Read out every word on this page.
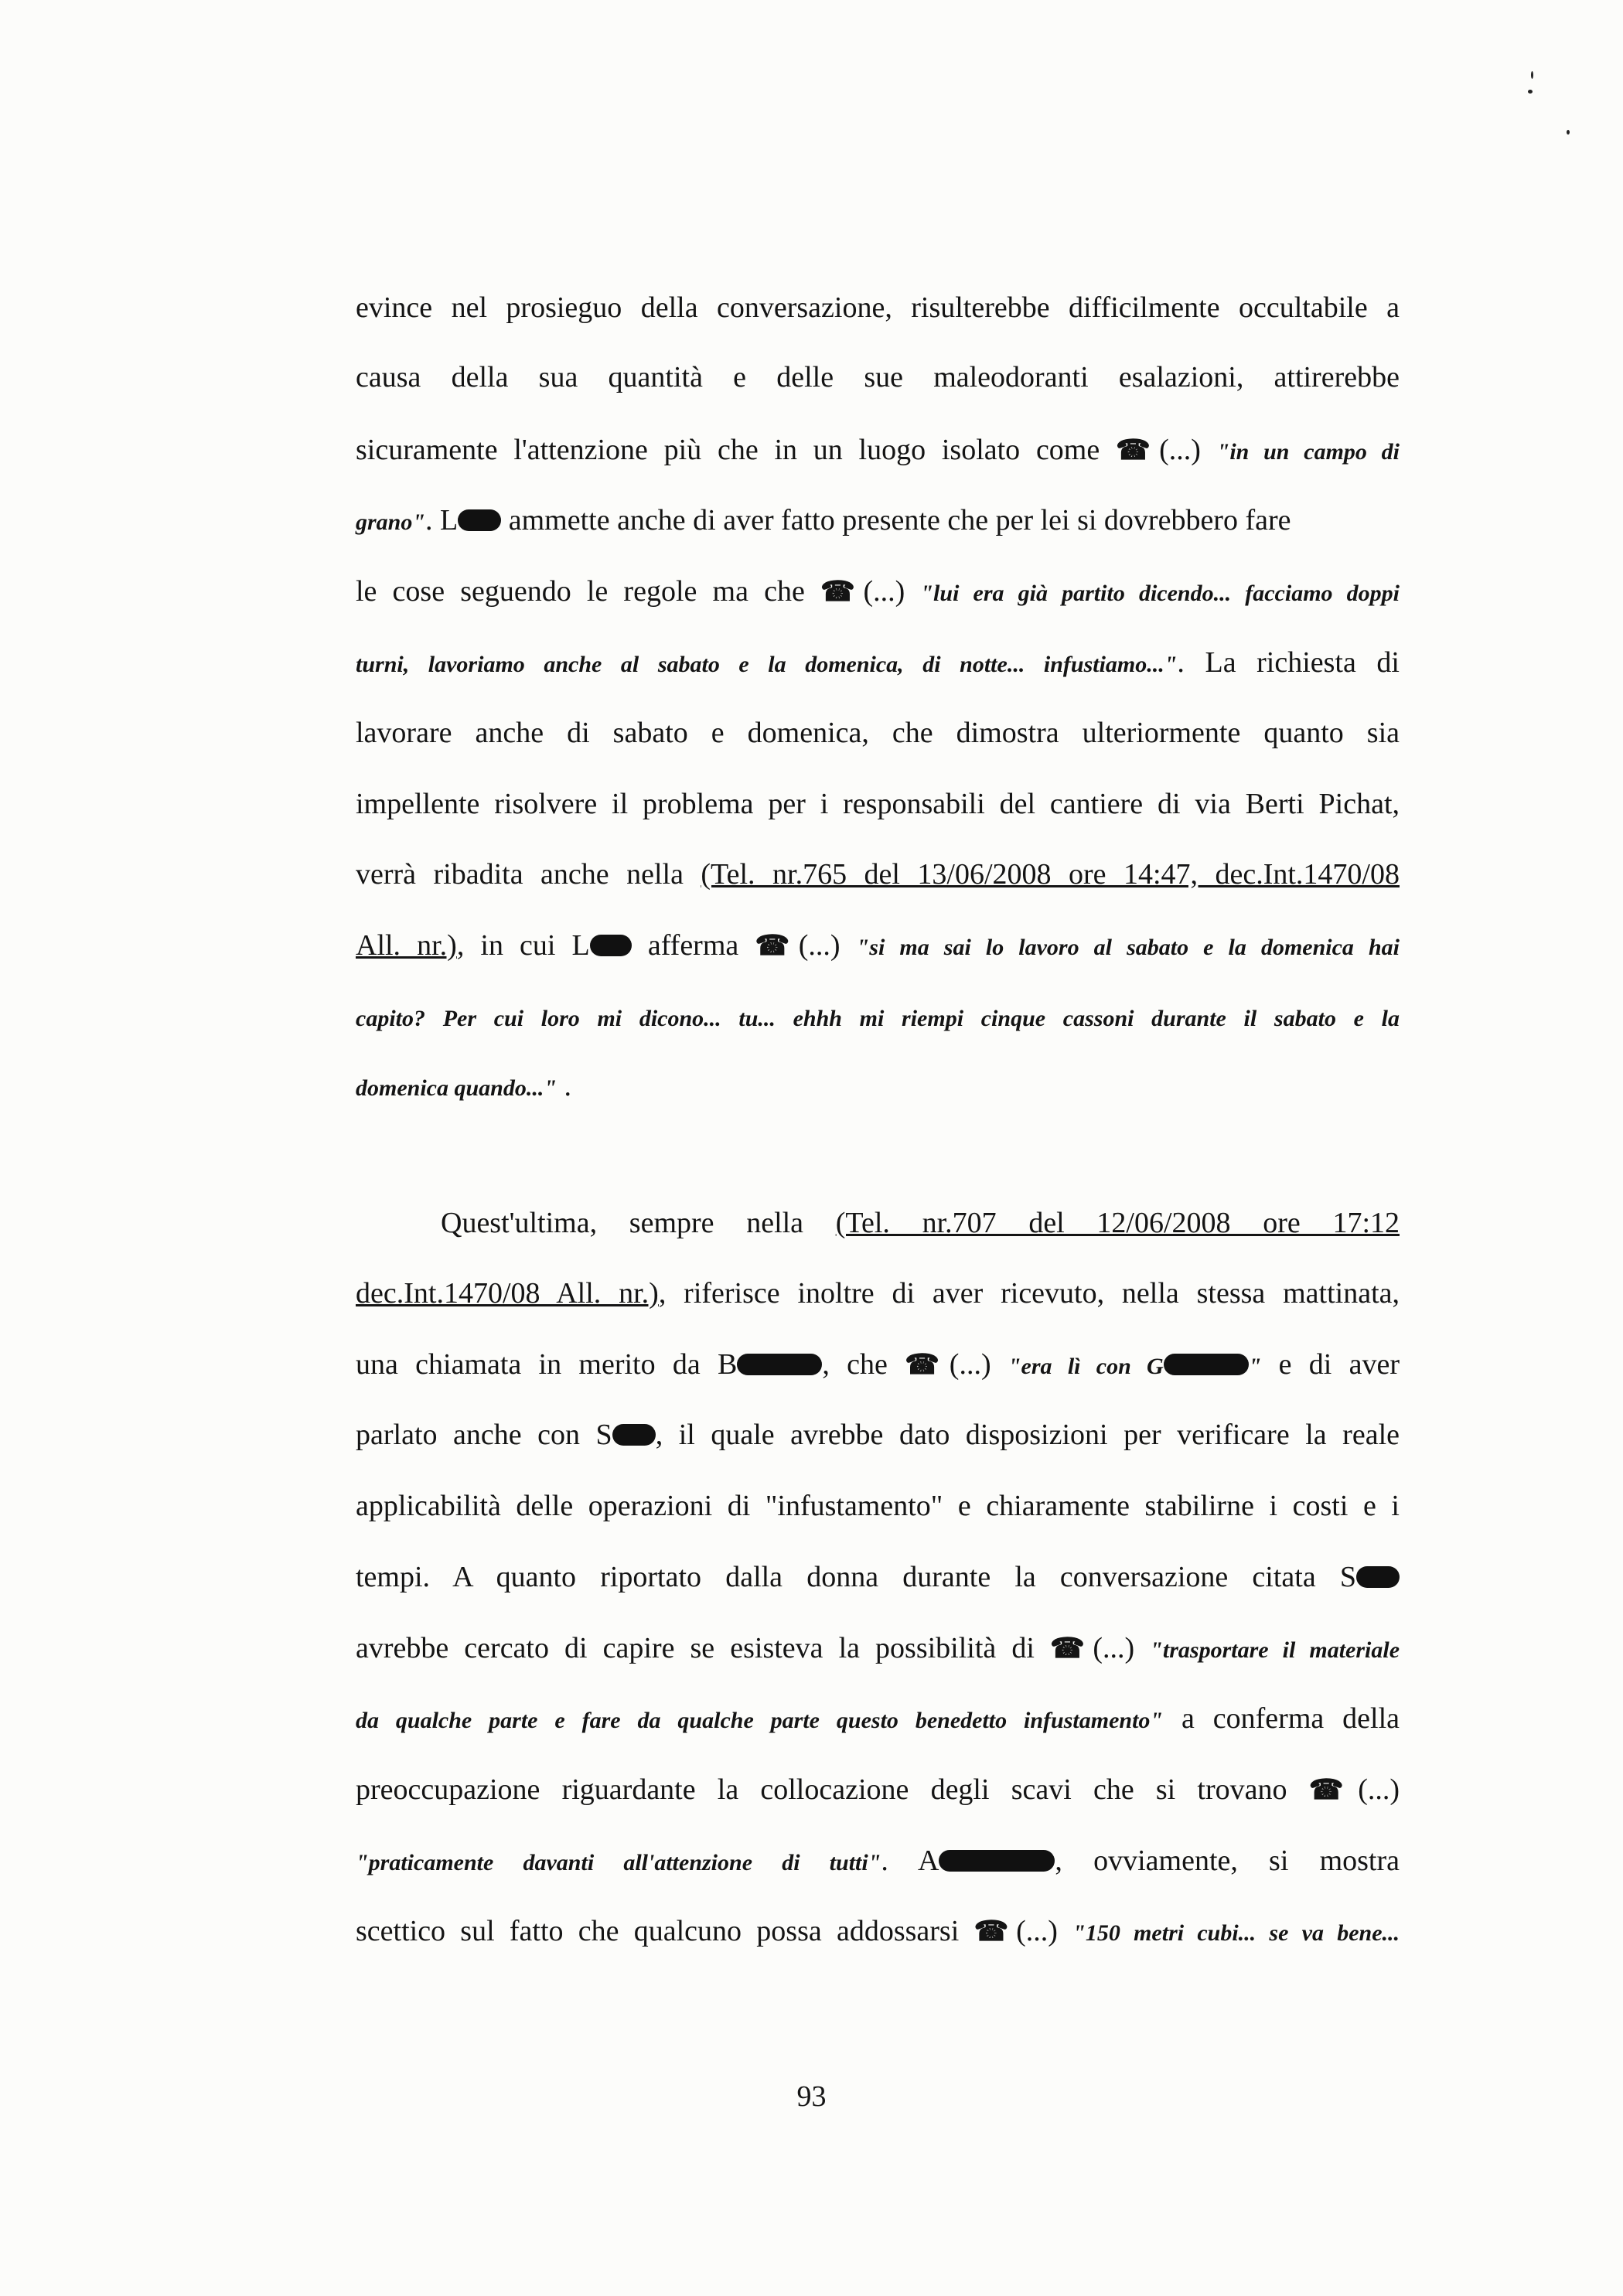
evince nel prosieguo della conversazione, risulterebbe difficilmente occultabile a
causa della sua quantità e delle sue maleodoranti esalazioni, attirerebbe
sicuramente l'attenzione più che in un luogo isolato come ☎(...) "in un campo di
grano". L ammette anche di aver fatto presente che per lei si dovrebbero fare
le cose seguendo le regole ma che ☎(...) "lui era già partito dicendo... facciamo doppi
turni, lavoriamo anche al sabato e la domenica, di notte... infustiamo...". La richiesta di
lavorare anche di sabato e domenica, che dimostra ulteriormente quanto sia
impellente risolvere il problema per i responsabili del cantiere di via Berti Pichat,
verrà ribadita anche nella (Tel. nr.765 del 13/06/2008 ore 14:47, dec.Int.1470/08
All. nr.), in cui L afferma ☎(...) "si ma sai lo lavoro al sabato e la domenica hai
capito? Per cui loro mi dicono... tu... ehhh mi riempi cinque cassoni durante il sabato e la
domenica quando..." .
Quest'ultima, sempre nella (Tel. nr.707 del 12/06/2008 ore 17:12
dec.Int.1470/08 All. nr.), riferisce inoltre di aver ricevuto, nella stessa mattinata,
una chiamata in merito da B	, che ☎(...) "era lì con G	" e di aver
parlato anche con S , il quale avrebbe dato disposizioni per verificare la reale
applicabilità delle operazioni di "infustamento" e chiaramente stabilirne i costi e i
tempi. A quanto riportato dalla donna durante la conversazione citata S
avrebbe cercato di capire se esisteva la possibilità di ☎(...) "trasportare il materiale
da qualche parte e fare da qualche parte questo benedetto infustamento" a conferma della
preoccupazione riguardante la collocazione degli scavi che si trovano ☎(...)
"praticamente davanti all'attenzione di tutti". A	, ovviamente, si mostra
scettico sul fatto che qualcuno possa addossarsi ☎(...) "150 metri cubi... se va bene...
93
